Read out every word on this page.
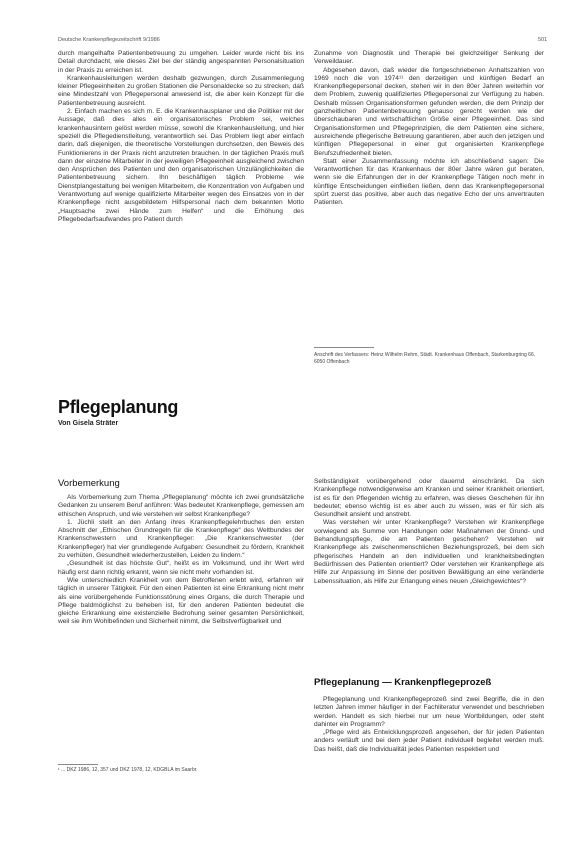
Deutsche Krankenpflegezeitschrift 9/1986	501

durch mangelhafte Patientenbetreuung zu umgehen. Leider wurde nicht bis ins Detail durchdacht, wie dieses Ziel bei der ständig angespannten Personalsituation in der Praxis zu erreichen ist.

Krankenhausleitungen werden deshalb gezwungen, durch Zusammenlegung kleiner Pflegeeinheiten zu großen Stationen die Personaldecke so zu strecken, daß eine Mindestzahl von Pflegepersonal anwesend ist, die aber kein Konzept für die Patientenbetreuung ausreicht.

2. Einfach machen es sich m. E. die Krankenhausplaner und die Politiker mit der Aussage, daß dies alles ein organisatorisches Problem sei, welches krankenhausintern gelöst werden müsse, sowohl die Krankenhausleitung, und hier speziell die Pflegedienstleitung, verantwortlich sei. Das Problem liegt aber einfach darin, daß diejenigen, die theoretische Vorstellungen durchsetzen, den Beweis des Funktionierens in der Praxis nicht anzutreten brauchen. In der täglichen Praxis muß dann der einzelne Mitarbeiter in der jeweiligen Pflegeeinheit ausgleichend zwischen den Ansprüchen des Patienten und den organisatorischen Unzulänglichkeiten die Patientenbetreuung sichern. Ihn beschäftigen täglich Probleme wie Dienstplangestaltung bei wenigen Mitarbeitern, die Konzentration von Aufgaben und Verantwortung auf wenige qualifizierte Mitarbeiter wegen des Einsatzes von in der Krankenpflege nicht ausgebildetem Hilfspersonal nach dem bekannten Motto „Hauptsache zwei Hände zum Helfen“ und die Erhöhung des Pflegebedarfsaufwandes pro Patient durch

Zunahme von Diagnostik und Therapie bei gleichzeitiger Senkung der Verweildauer.

Abgesehen davon, daß wieder die fortgeschriebenen Anhaltszahlen von 1969 noch die von 1974¹¹ den derzeitigen und künftigen Bedarf an Krankenpflegepersonal decken, stehen wir in den 80er Jahren weiterhin vor dem Problem, zuwenig qualifiziertes Pflegepersonal zur Verfügung zu haben. Deshalb müssen Organisationsformen gefunden werden, die dem Prinzip der ganzheitlichen Patientenbetreuung genauso gerecht werden wie der überschaubaren und wirtschaftlichen Größe einer Pflegeeinheit. Das sind Organisationsformen und Pflegeprinzipien, die dem Patienten eine sichere, ausreichende pflegerische Betreuung garantieren, aber auch den jetzigen und künftigen Pflegepersonal in einer gut organisierten Krankenpflege Berufszufriedenheit bieten.

Statt einer Zusammenfassung möchte ich abschließend sagen: Die Verantwortlichen für das Krankenhaus der 80er Jahre wären gut beraten, wenn sie die Erfahrungen der in der Krankenpflege Tätigen noch mehr in künftige Entscheidungen einfließen ließen, denn das Krankenpflegepersonal spürt zuerst das positive, aber auch das negative Echo der uns anvertrauten Patienten.

Anschrift des Verfassers: Heinz Wilhelm Rehm, Städt. Krankenhaus Offenbach, Starkenburgring 66, 6050 Offenbach
Pflegeplanung
Von Gisela Sträter
Vorbemerkung

Als Vorbemerkung zum Thema „Pflegeplanung“ möchte ich zwei grundsätzliche Gedanken zu unserem Beruf anführen: Was bedeutet Krankenpflege, gemessen am ethischen Anspruch, und wie verstehen wir selbst Krankenpflege?

1. Jüchli stellt an den Anfang ihres Krankenpflegelehrbuches den ersten Abschnitt der „Ethischen Grundregeln für die Krankenpflege“ des Weltbundes der Krankenschwestern und Krankenpfleger: „Die Krankenschwester (der Krankenpfleger) hat vier grundlegende Aufgaben: Gesundheit zu fördern, Krankheit zu verhüten, Gesundheit wiederherzustellen, Leiden zu lindern.“

„Gesundheit ist das höchste Gut“, heißt es im Volksmund, und ihr Wert wird häufig erst dann richtig erkannt, wenn sie nicht mehr vorhanden ist.

Wie unterschiedlich Krankheit von dem Betroffenen erlebt wird, erfahren wir täglich in unserer Tätigkeit. Für den einen Patienten ist eine Erkrankung nicht mehr als eine vorübergehende Funktionsstörung eines Organs, die durch Therapie und Pflege baldmöglichst zu beheben ist, für den anderen Patienten bedeutet die gleiche Erkrankung eine existenzielle Bedrohung seiner gesamten Persönlichkeit, weil sie ihm Wohlbefinden und Sicherheit nimmt, die Selbstverfügbarkeit und

¹ ... DKZ 1986, 12, 357 und DKZ 1978, 12, KDGBLA im Saarbr.

Selbständigkeit vorübergehend oder dauernd einschränkt. Da sich Krankenpflege notwendigerweise am Kranken und seiner Krankheit orientiert, ist es für den Pflegenden wichtig zu erfahren, was dieses Geschehen für ihn bedeutet; ebenso wichtig ist es aber auch zu wissen, was er für sich als Gesundheit ansieht und anstrebt.

Was verstehen wir unter Krankenpflege? Verstehen wir Krankenpflege vorwiegend als Summe von Handlungen oder Maßnahmen der Grund- und Behandlungspflege, die am Patienten geschehen? Verstehen wir Krankenpflege als zwischenmenschlichen Beziehungsprozeß, bei dem sich pflegerisches Handeln an den individuellen und krankheitsbedingten Bedürfnissen des Patienten orientiert? Oder verstehen wir Krankenpflege als Hilfe zur Anpassung im Sinne der positiven Bewältigung an eine veränderte Lebenssituation, als Hilfe zur Erlangung eines neuen „Gleichgewichtes“?

Pflegeplanung — Krankenpflegeprozeß

Pflegeplanung und Krankenpflegeprozeß sind zwei Begriffe, die in den letzten Jahren immer häufiger in der Fachliteratur verwendet und beschrieben werden. Handelt es sich hierbei nur um neue Wortbildungen, oder steht dahinter ein Programm?

„Pflege wird als Entwicklungsprozeß angesehen, der für jeden Patienten anders verläuft und bei dem jeder Patient individuell begleitet werden muß. Das heißt, daß die Individualität jedes Patienten respektiert und
